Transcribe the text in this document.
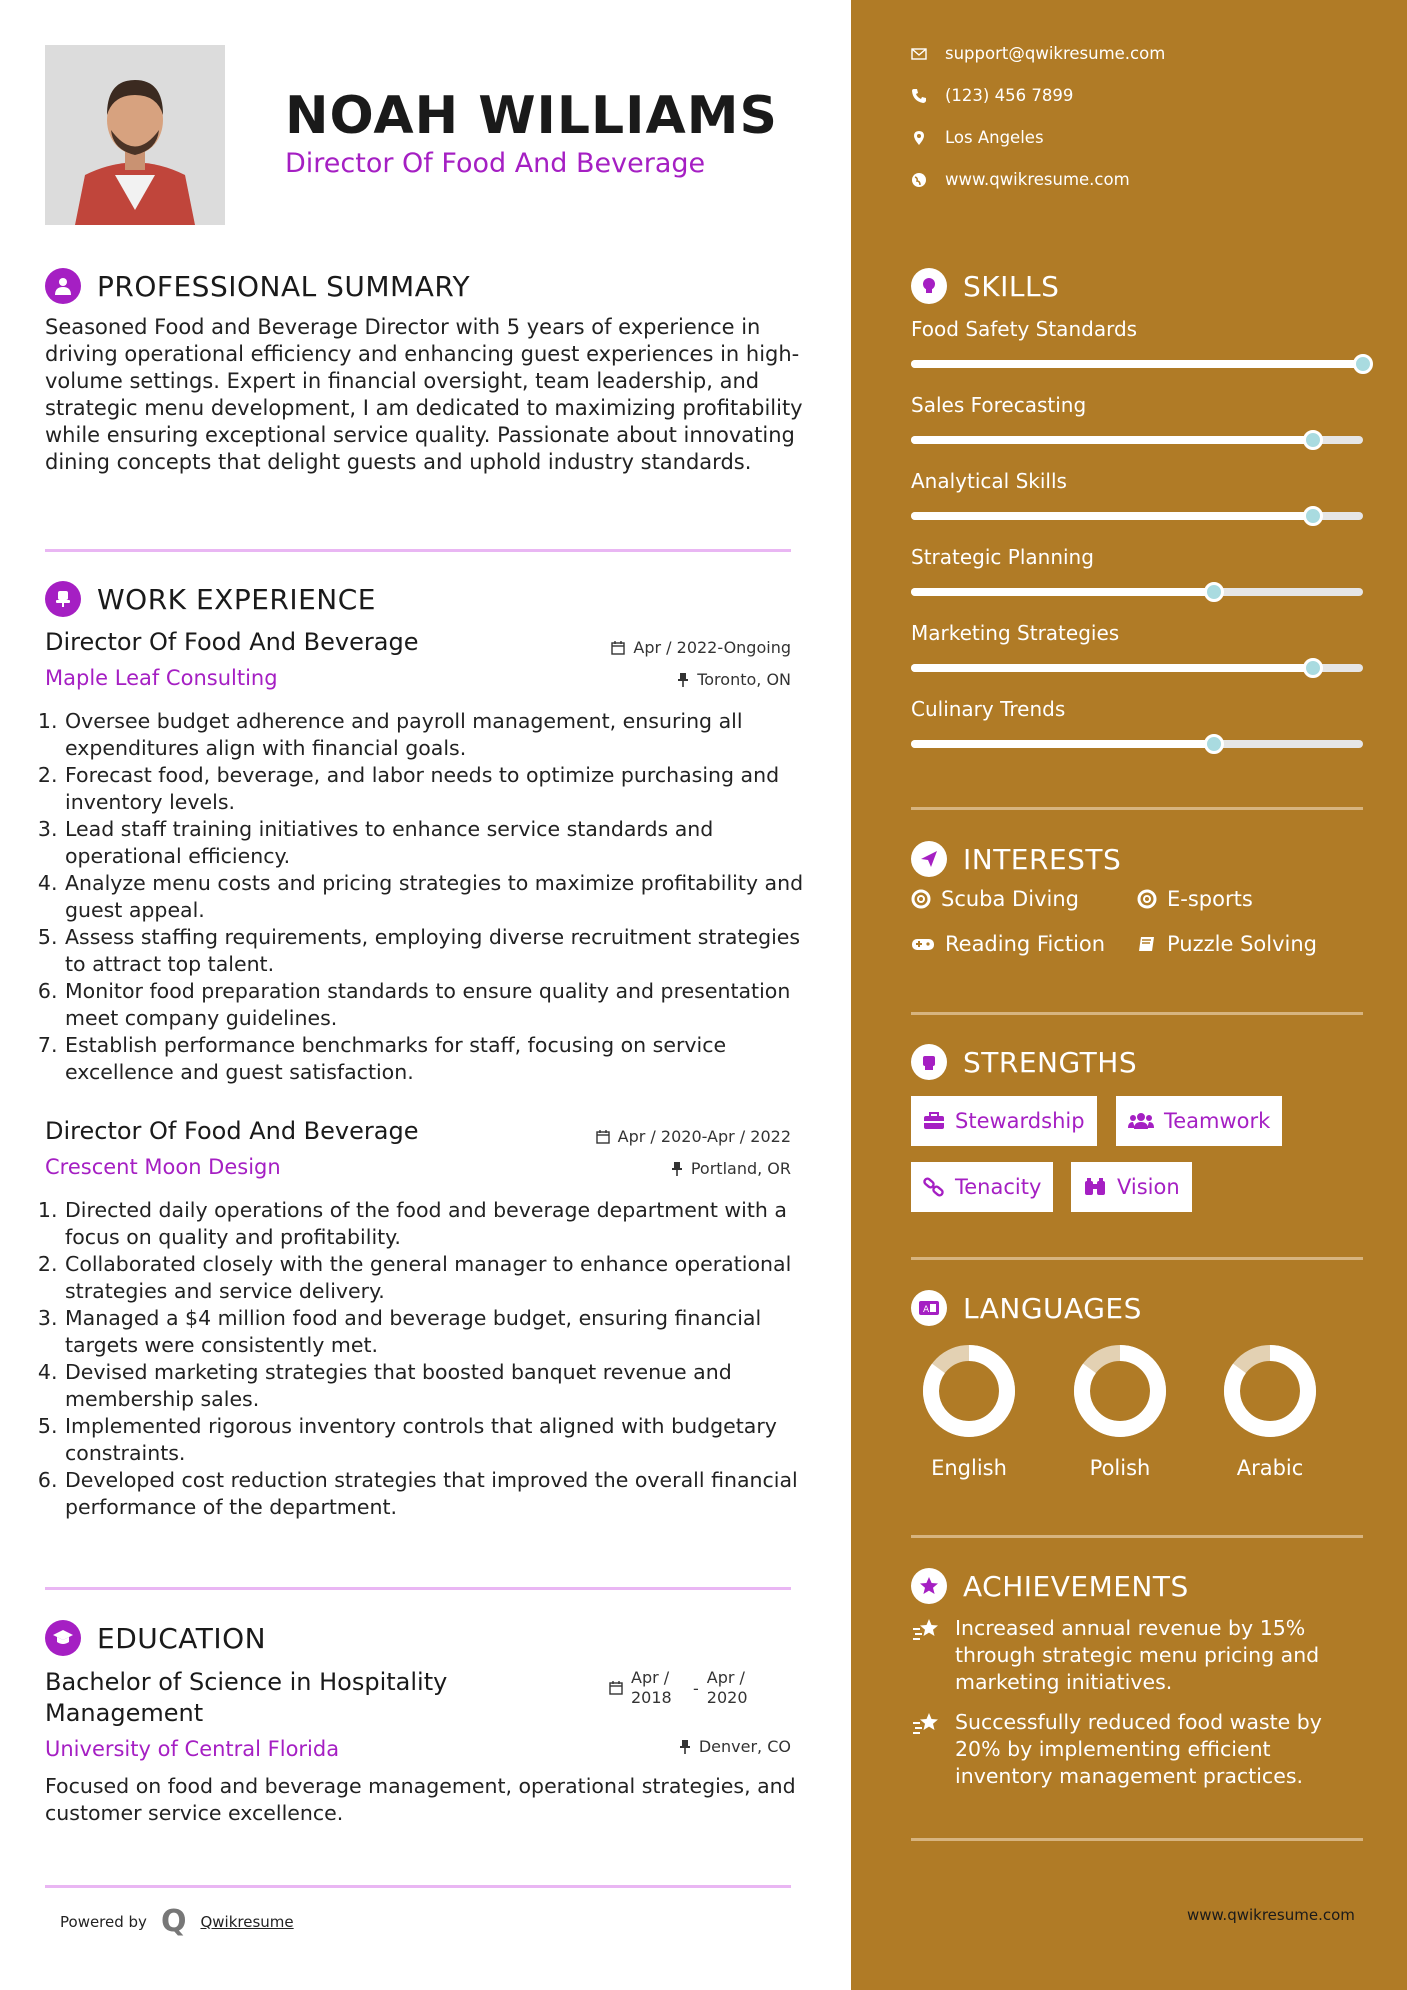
NOAH WILLIAMS
Director Of Food And Beverage
PROFESSIONAL SUMMARY
Seasoned Food and Beverage Director with 5 years of experience in driving operational efficiency and enhancing guest experiences in high-volume settings. Expert in financial oversight, team leadership, and strategic menu development, I am dedicated to maximizing profitability while ensuring exceptional service quality. Passionate about innovating dining concepts that delight guests and uphold industry standards.
WORK EXPERIENCE
Director Of Food And Beverage
Maple Leaf Consulting
Apr / 2022-Ongoing
Toronto, ON
1. Oversee budget adherence and payroll management, ensuring all expenditures align with financial goals.
2. Forecast food, beverage, and labor needs to optimize purchasing and inventory levels.
3. Lead staff training initiatives to enhance service standards and operational efficiency.
4. Analyze menu costs and pricing strategies to maximize profitability and guest appeal.
5. Assess staffing requirements, employing diverse recruitment strategies to attract top talent.
6. Monitor food preparation standards to ensure quality and presentation meet company guidelines.
7. Establish performance benchmarks for staff, focusing on service excellence and guest satisfaction.
Director Of Food And Beverage
Crescent Moon Design
Apr / 2020-Apr / 2022
Portland, OR
1. Directed daily operations of the food and beverage department with a focus on quality and profitability.
2. Collaborated closely with the general manager to enhance operational strategies and service delivery.
3. Managed a $4 million food and beverage budget, ensuring financial targets were consistently met.
4. Devised marketing strategies that boosted banquet revenue and membership sales.
5. Implemented rigorous inventory controls that aligned with budgetary constraints.
6. Developed cost reduction strategies that improved the overall financial performance of the department.
EDUCATION
Bachelor of Science in Hospitality Management
University of Central Florida
Apr / 2018	-
Apr / 2020
Denver, CO
Focused on food and beverage management, operational strategies, and customer service excellence.
Powered by Q Qwikresume
support@qwikresume.com
(123) 456 7899
Los Angeles
www.qwikresume.com
SKILLS
Food Safety Standards
Sales Forecasting
Analytical Skills
Strategic Planning
Marketing Strategies
Culinary Trends
INTERESTS
Scuba Diving	E-sports
Reading Fiction	Puzzle Solving
STRENGTHS
Stewardship	Teamwork
Tenacity	Vision
A LANGUAGES
English	Polish	Arabic
ACHIEVEMENTS
Increased annual revenue by 15% through strategic menu pricing and marketing initiatives.
Successfully reduced food waste by 20% by implementing efficient inventory management practices.
www.qwikresume.com
